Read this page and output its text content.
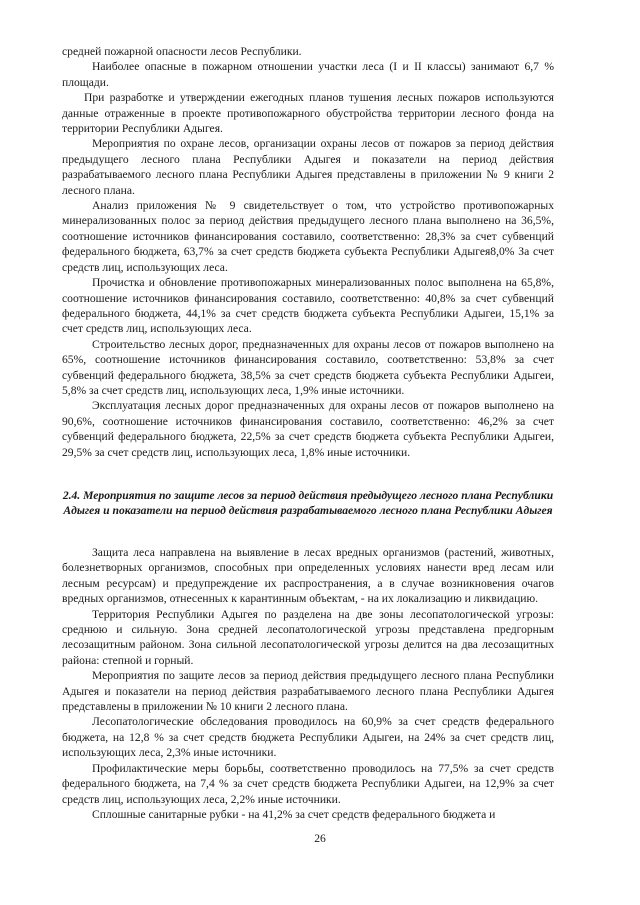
средней пожарной опасности лесов Республики.

Наиболее опасные в пожарном отношении участки леса (I и II классы) занимают 6,7 % площади.

При разработке и утверждении ежегодных планов тушения лесных пожаров используются данные отраженные в проекте противопожарного обустройства территории лесного фонда на территории Республики Адыгея.

Мероприятия по охране лесов, организации охраны лесов от пожаров за период действия предыдущего лесного плана Республики Адыгея и показатели на период действия разрабатываемого лесного плана Республики Адыгея представлены в приложении № 9 книги 2 лесного плана.

Анализ приложения № 9 свидетельствует о том, что устройство противопожарных минерализованных полос за период действия предыдущего лесного плана выполнено на 36,5%, соотношение источников финансирования составило, соответственно: 28,3% за счет субвенций федерального бюджета, 63,7% за счет средств бюджета субъекта Республики Адыгея8,0% За счет средств лиц, использующих леса.

Прочистка и обновление противопожарных минерализованных полос выполнена на 65,8%, соотношение источников финансирования составило, соответственно: 40,8% за счет субвенций федерального бюджета, 44,1% за счет средств бюджета субъекта Республики Адыгеи, 15,1% за счет средств лиц, использующих леса.

Строительство лесных дорог, предназначенных для охраны лесов от пожаров выполнено на 65%, соотношение источников финансирования составило, соответственно: 53,8% за счет субвенций федерального бюджета, 38,5% за счет средств бюджета субъекта Республики Адыгеи, 5,8% за счет средств лиц, использующих леса, 1,9% иные источники.

Эксплуатация лесных дорог предназначенных для охраны лесов от пожаров выполнено на 90,6%, соотношение источников финансирования составило, соответственно: 46,2% за счет субвенций федерального бюджета, 22,5% за счет средств бюджета субъекта Республики Адыгеи, 29,5% за счет средств лиц, использующих леса, 1,8% иные источники.

2.4. Мероприятия по защите лесов за период действия предыдущего лесного плана Республики Адыгея и показатели на период действия разрабатываемого лесного плана Республики Адыгея

Защита леса направлена на выявление в лесах вредных организмов (растений, животных, болезнетворных организмов, способных при определенных условиях нанести вред лесам или лесным ресурсам) и предупреждение их распространения, а в случае возникновения очагов вредных организмов, отнесенных к карантинным объектам, - на их локализацию и ликвидацию.

Территория Республики Адыгея по разделена на две зоны лесопатологической угрозы: среднюю и сильную. Зона средней лесопатологической угрозы представлена предгорным лесозащитным районом. Зона сильной лесопатологической угрозы делится на два лесозащитных района: степной и горный.

Мероприятия по защите лесов за период действия предыдущего лесного плана Республики Адыгея и показатели на период действия разрабатываемого лесного плана Республики Адыгея представлены в приложении № 10 книги 2 лесного плана.

Лесопатологические обследования проводилось на 60,9% за счет средств федерального бюджета, на 12,8 % за счет средств бюджета Республики Адыгеи, на 24% за счет средств лиц, использующих леса, 2,3% иные источники.

Профилактические меры борьбы, соответственно проводилось на 77,5% за счет средств федерального бюджета, на 7,4 % за счет средств бюджета Республики Адыгеи, на 12,9% за счет средств лиц, использующих леса, 2,2% иные источники.

Сплошные санитарные рубки - на 41,2% за счет средств федерального бюджета и

26
